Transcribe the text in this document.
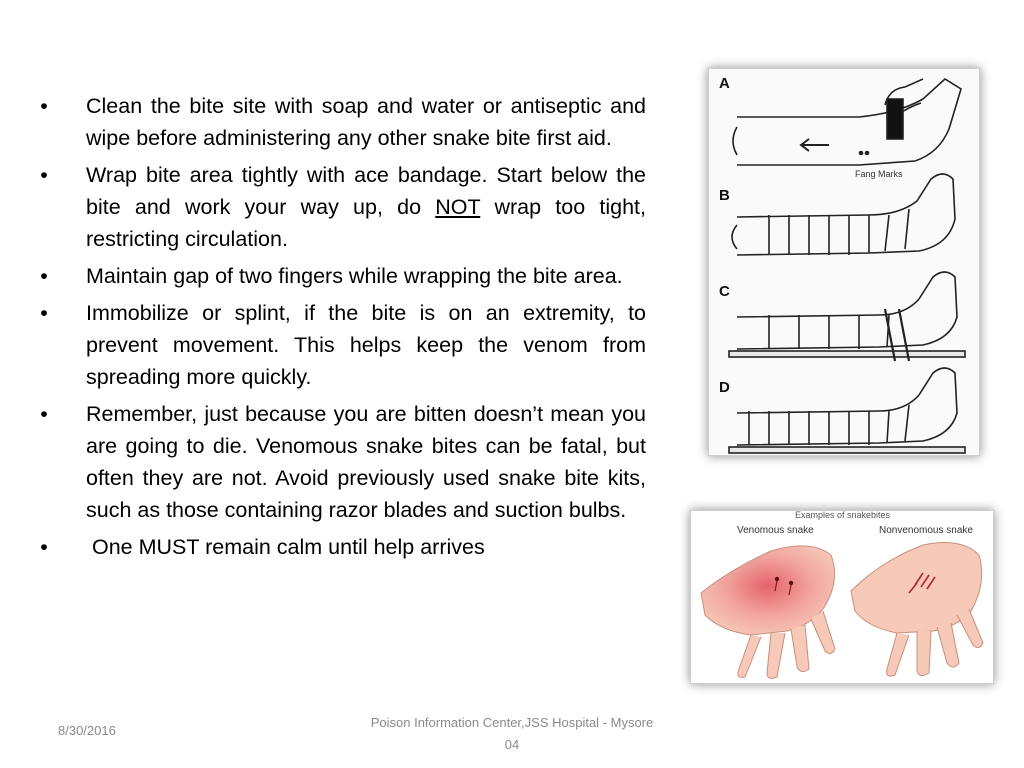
• Clean the bite site with soap and water or antiseptic and wipe before administering any other snake bite first aid.
• Wrap bite area tightly with ace bandage. Start below the bite and work your way up, do NOT wrap too tight, restricting circulation.
• Maintain gap of two fingers while wrapping the bite area.
• Immobilize or splint, if the bite is on an extremity, to prevent movement. This helps keep the venom from spreading more quickly.
• Remember, just because you are bitten doesn’t mean you are going to die. Venomous snake bites can be fatal, but often they are not. Avoid previously used snake bite kits, such as those containing razor blades and suction bulbs.
• One MUST remain calm until help arrives
A
B
C
D
Fang Marks
Examples of snakebites
Venomous snake	Nonvenomous snake
8/30/2016
Poison Information Center,JSS Hospital - Mysore 04
